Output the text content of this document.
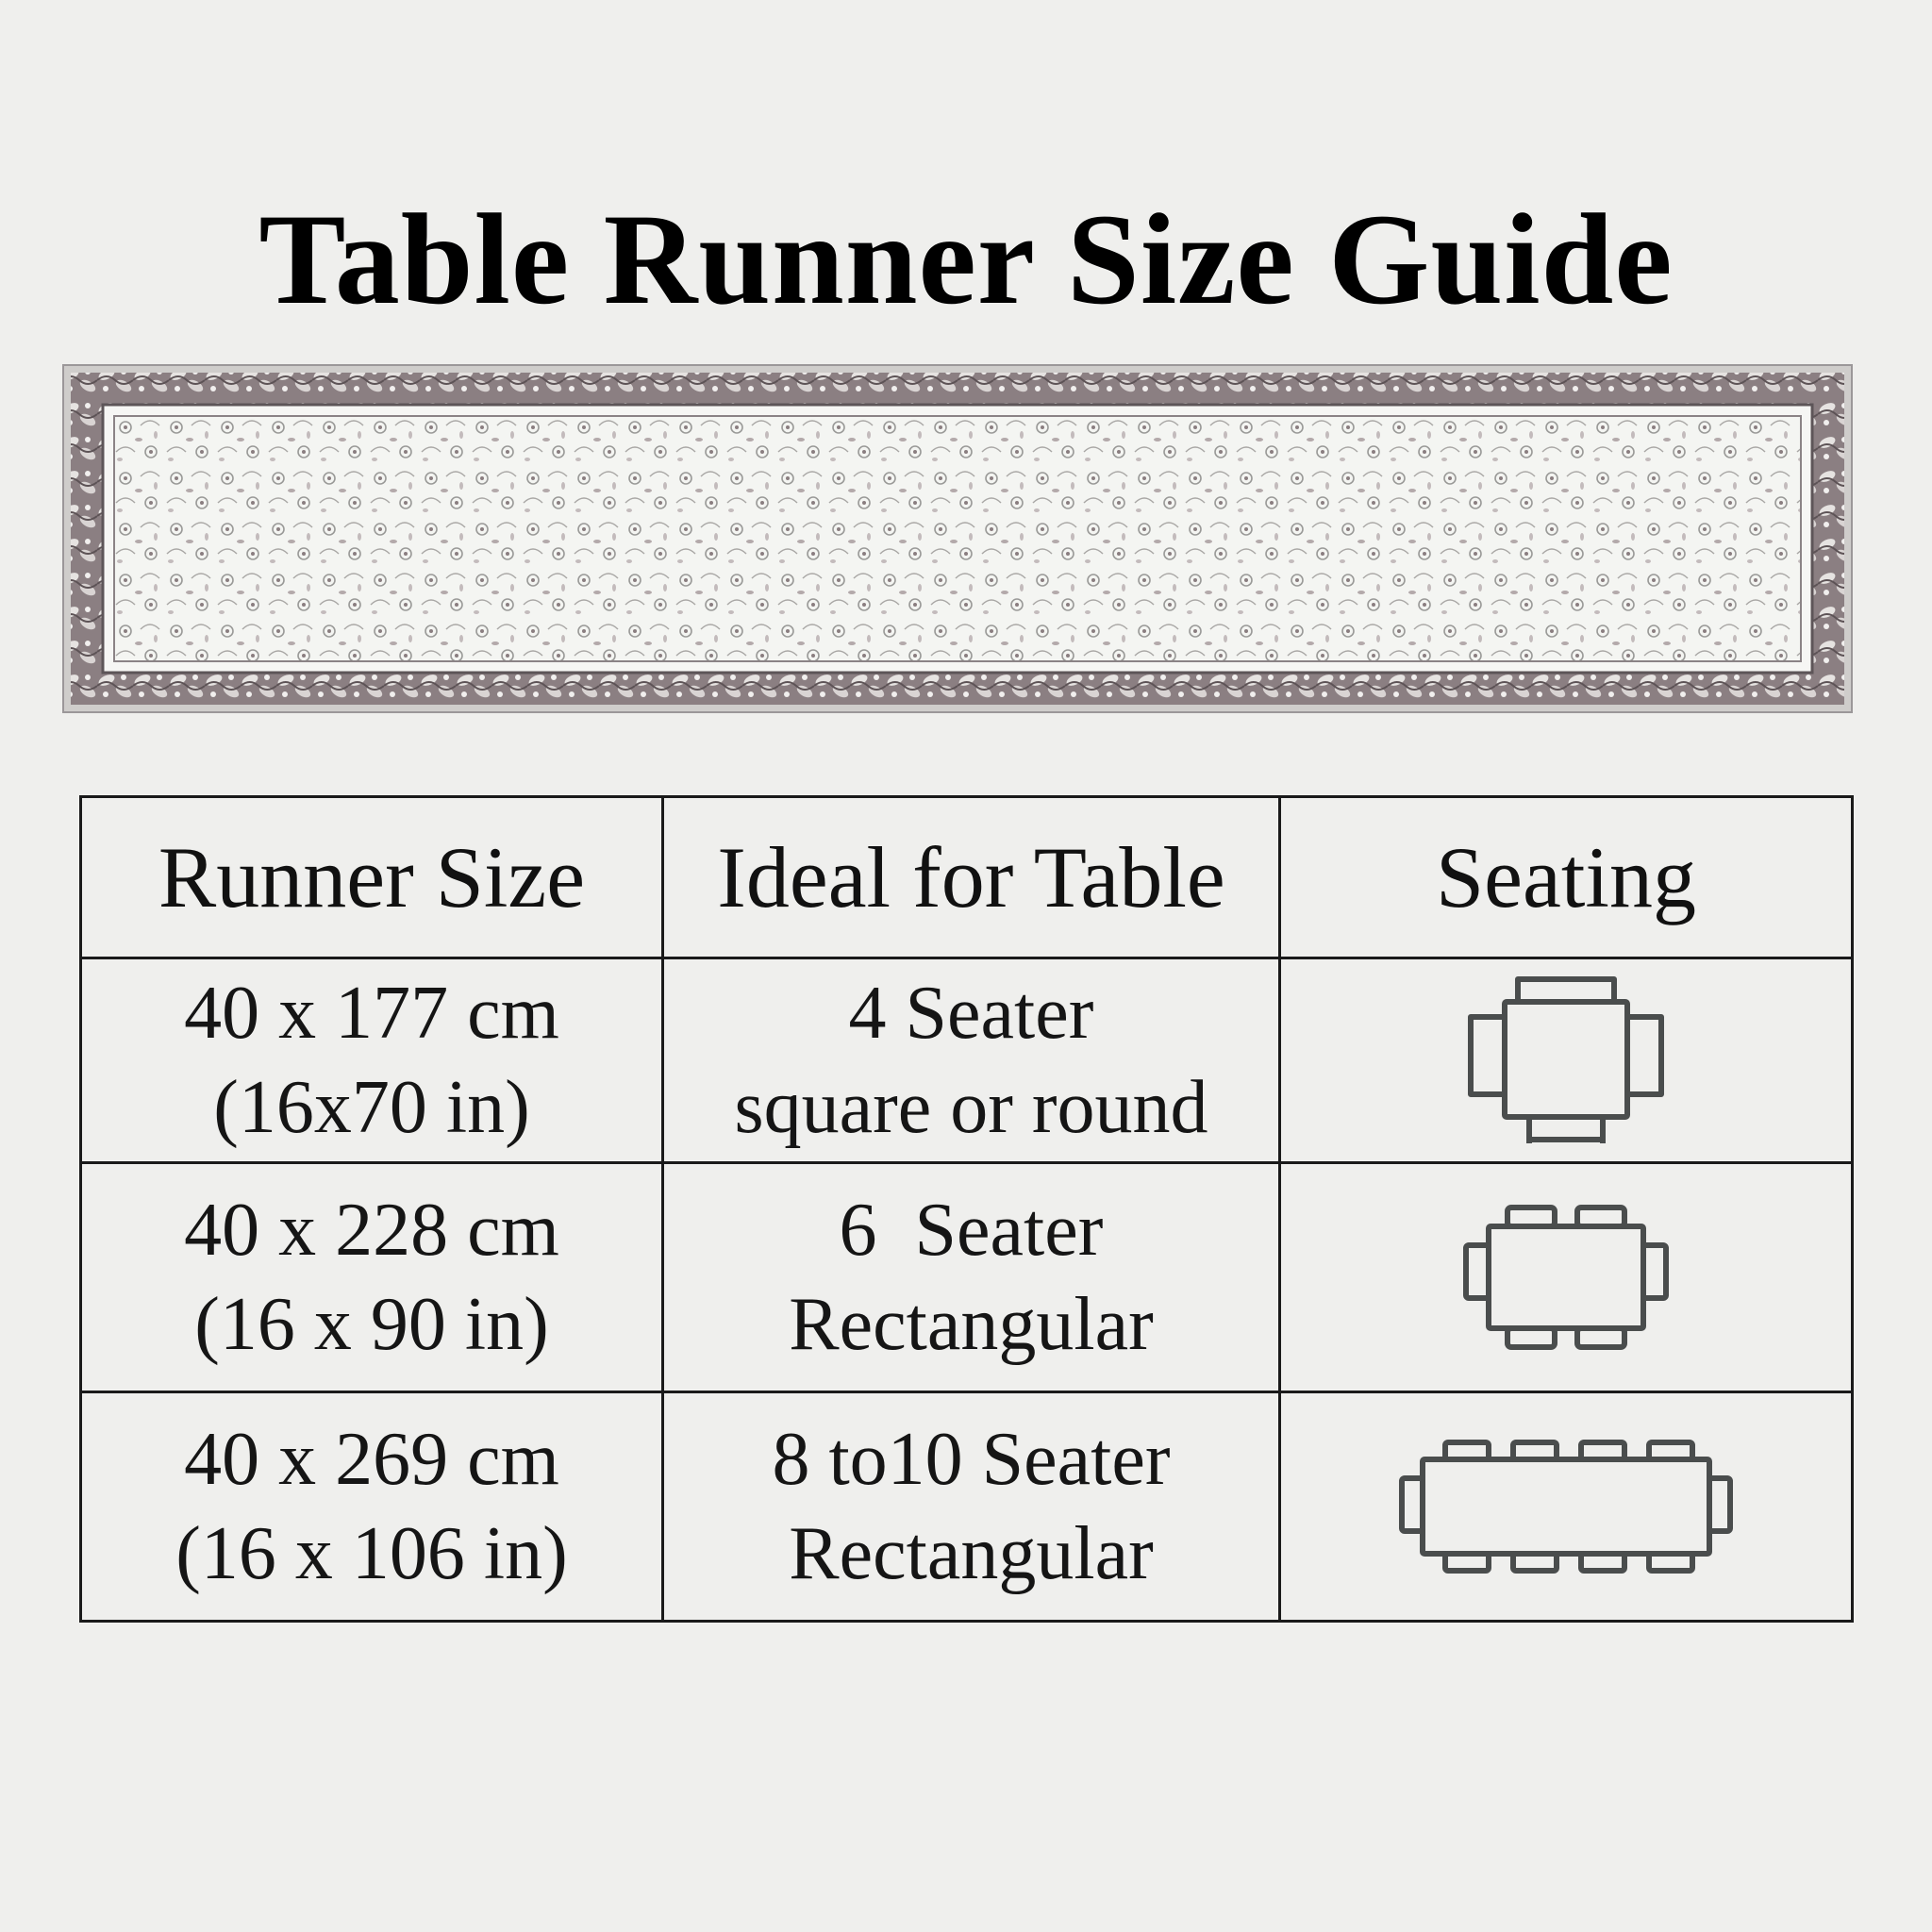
Table Runner Size Guide
Runner Size	Ideal for Table	Seating

40 x 177 cm
(16x70 in)	4 Seater
square or round

40 x 228 cm
(16 x 90 in)	6  Seater
Rectangular

40 x 269 cm
(16 x 106 in)	8 to10 Seater
Rectangular
